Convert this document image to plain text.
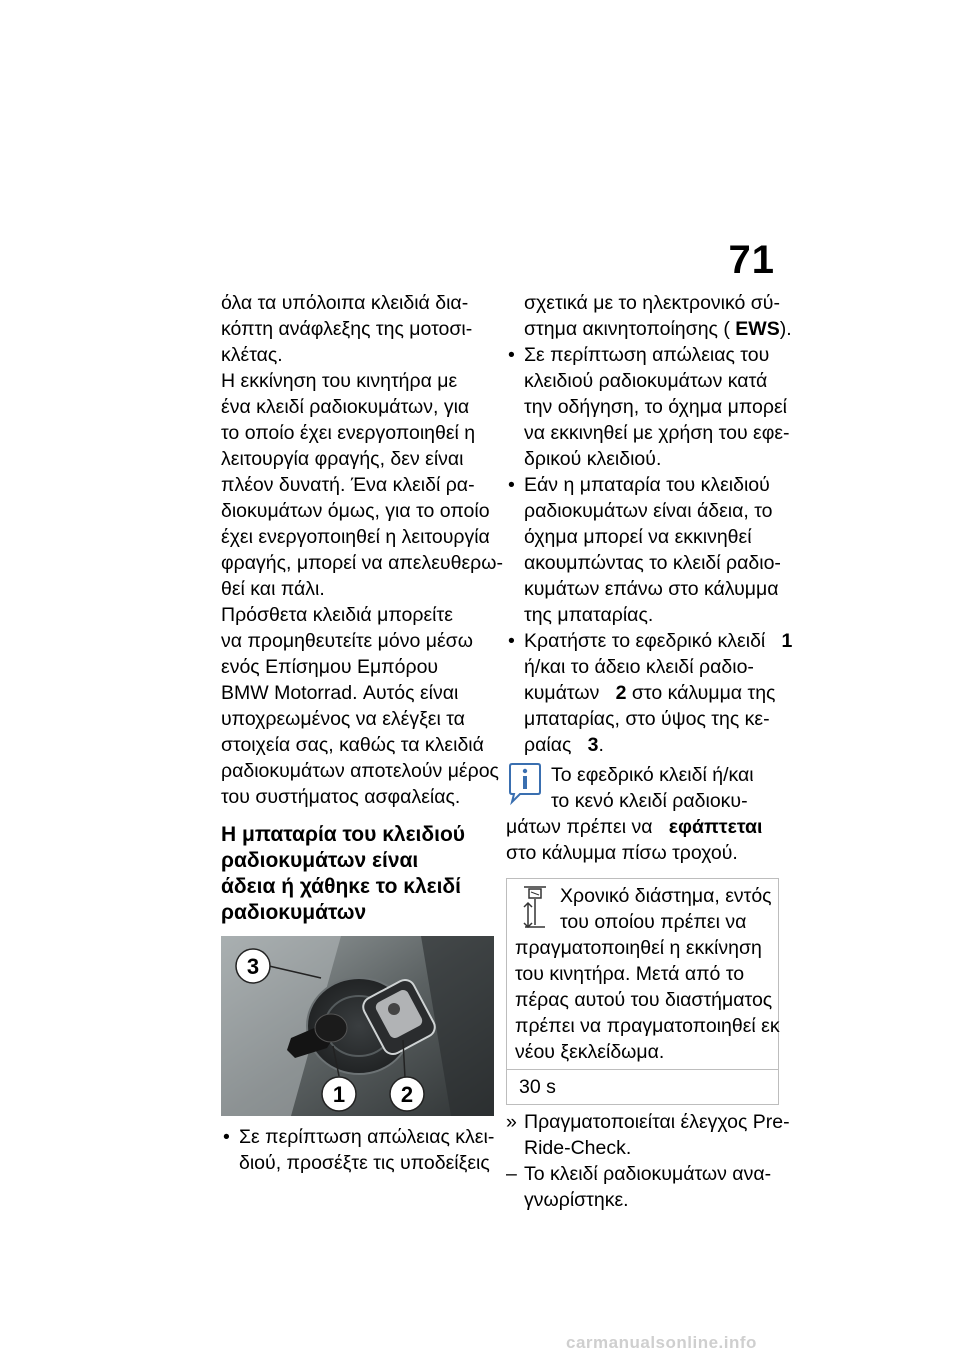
71
όλα τα υπόλοιπα κλειδιά δια-
κόπτη ανάφλεξης της μοτοσι-
κλέτας.
Η εκκίνηση του κινητήρα με
ένα κλειδί ραδιοκυμάτων, για
το οποίο έχει ενεργοποιηθεί η
λειτουργία φραγής, δεν είναι
πλέον δυνατή. Ένα κλειδί ρα-
διοκυμάτων όμως, για το οποίο
έχει ενεργοποιηθεί η λειτουργία
φραγής, μπορεί να απελευθερω-
θεί και πάλι.
Πρόσθετα κλειδιά μπορείτε
να προμηθευτείτε μόνο μέσω
ενός Επίσημου Εμπόρου
BMW Motorrad. Αυτός είναι
υποχρεωμένος να ελέγξει τα
στοιχεία σας, καθώς τα κλειδιά
ραδιοκυμάτων αποτελούν μέρος
του συστήματος ασφαλείας.
Η μπαταρία του κλειδιού
ραδιοκυμάτων είναι
άδεια ή χάθηκε το κλειδί
ραδιοκυμάτων
3
1	2
• Σε περίπτωση απώλειας κλει-
διού, προσέξτε τις υποδείξεις
σχετικά με το ηλεκτρονικό σύ-
στημα ακινητοποίησης ( EWS).
• Σε περίπτωση απώλειας του
κλειδιού ραδιοκυμάτων κατά
την οδήγηση, το όχημα μπορεί
να εκκινηθεί με χρήση του εφε-
δρικού κλειδιού.
• Εάν η μπαταρία του κλειδιού
ραδιοκυμάτων είναι άδεια, το
όχημα μπορεί να εκκινηθεί
ακουμπώντας το κλειδί ραδιο-
κυμάτων επάνω στο κάλυμμα
της μπαταρίας.
• Κρατήστε το εφεδρικό κλειδί 1
ή/και το άδειο κλειδί ραδιο-
κυμάτων 2 στο κάλυμμα της
μπαταρίας, στο ύψος της κε-
ραίας 3.
Το εφεδρικό κλειδί ή/και
το κενό κλειδί ραδιοκυ-
μάτων πρέπει να εφάπτεται
στο κάλυμμα πίσω τροχού.
Χρονικό διάστημα, εντός
του οποίου πρέπει να
πραγματοποιηθεί η εκκίνηση
του κινητήρα. Μετά από το
πέρας αυτού του διαστήματος
πρέπει να πραγματοποιηθεί εκ
νέου ξεκλείδωμα.
30 s
» Πραγματοποιείται έλεγχος Pre-
Ride-Check.
– Το κλειδί ραδιοκυμάτων ανα-
γνωρίστηκε.
carmanualsonline.info
